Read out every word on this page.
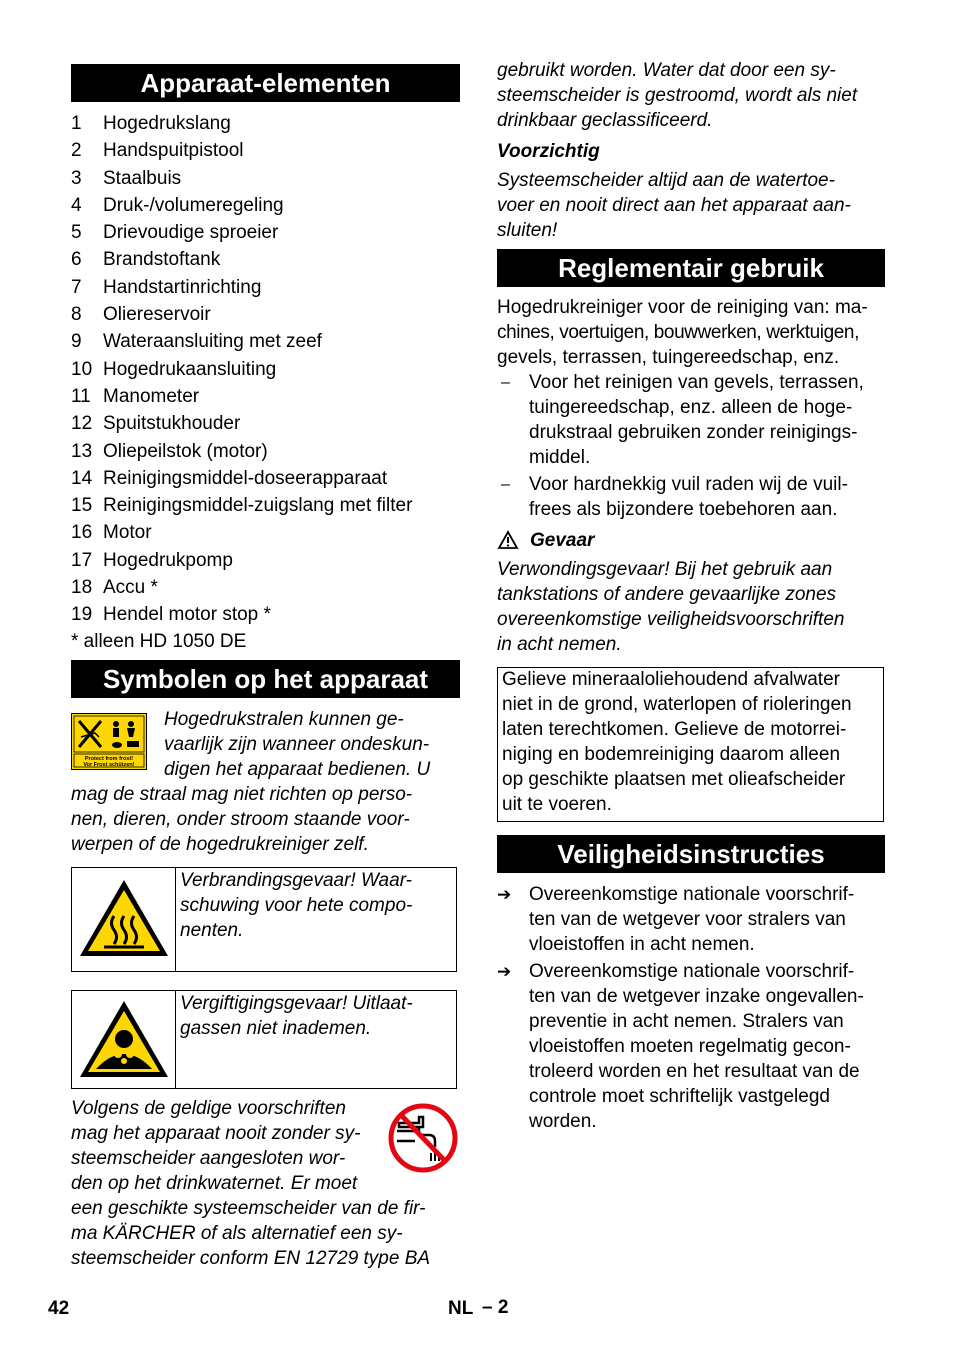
Apparaat-elementen
1 Hogedrukslang
2 Handspuitpistool
3 Staalbuis
4 Druk-/volumeregeling
5 Drievoudige sproeier
6 Brandstoftank
7 Handstartinrichting
8 Oliereservoir
9 Wateraansluiting met zeef
10 Hogedrukaansluiting
11 Manometer
12 Spuitstukhouder
13 Oliepeilstok (motor)
14 Reinigingsmiddel-doseerapparaat
15 Reinigingsmiddel-zuigslang met filter
16 Motor
17 Hogedrukpomp
18 Accu *
19 Hendel motor stop *
* alleen HD 1050 DE
Symbolen op het apparaat
Protect from frost!
Vor Frost schützen!
Hogedrukstralen kunnen ge-
vaarlijk zijn wanneer ondeskun-
digen het apparaat bedienen. U
mag de straal mag niet richten op perso-
nen, dieren, onder stroom staande voor-
werpen of de hogedrukreiniger zelf.
Verbrandingsgevaar! Waar-
schuwing voor hete compo-
nenten.
Vergiftigingsgevaar! Uitlaat-
gassen niet inademen.
Volgens de geldige voorschriften
mag het apparaat nooit zonder sy-
steemscheider aangesloten wor-
den op het drinkwaternet. Er moet
een geschikte systeemscheider van de fir-
ma KÄRCHER of als alternatief een sy-
steemscheider conform EN 12729 type BA
gebruikt worden. Water dat door een sy-
steemscheider is gestroomd, wordt als niet
drinkbaar geclassificeerd.
Voorzichtig
Systeemscheider altijd aan de watertoe-
voer en nooit direct aan het apparaat aan-
sluiten!
Reglementair gebruik
Hogedrukreiniger voor de reiniging van: ma-
chines, voertuigen, bouwwerken, werktuigen,
gevels, terrassen, tuingereedschap, enz.
– Voor het reinigen van gevels, terrassen,
tuingereedschap, enz. alleen de hoge-
drukstraal gebruiken zonder reinigings-
middel.
– Voor hardnekkig vuil raden wij de vuil-
frees als bijzondere toebehoren aan.
Gevaar
Verwondingsgevaar! Bij het gebruik aan
tankstations of andere gevaarlijke zones
overeenkomstige veiligheidsvoorschriften
in acht nemen.
Gelieve mineraaloliehoudend afvalwater
niet in de grond, waterlopen of rioleringen
laten terechtkomen. Gelieve de motorrei-
niging en bodemreiniging daarom alleen
op geschikte plaatsen met olieafscheider
uit te voeren.
Veiligheidsinstructies
➔ Overeenkomstige nationale voorschrif-
ten van de wetgever voor stralers van
vloeistoffen in acht nemen.
➔ Overeenkomstige nationale voorschrif-
ten van de wetgever inzake ongevallen-
preventie in acht nemen. Stralers van
vloeistoffen moeten regelmatig gecon-
troleerd worden en het resultaat van de
controle moet schriftelijk vastgelegd
worden.
42	NL – 2
